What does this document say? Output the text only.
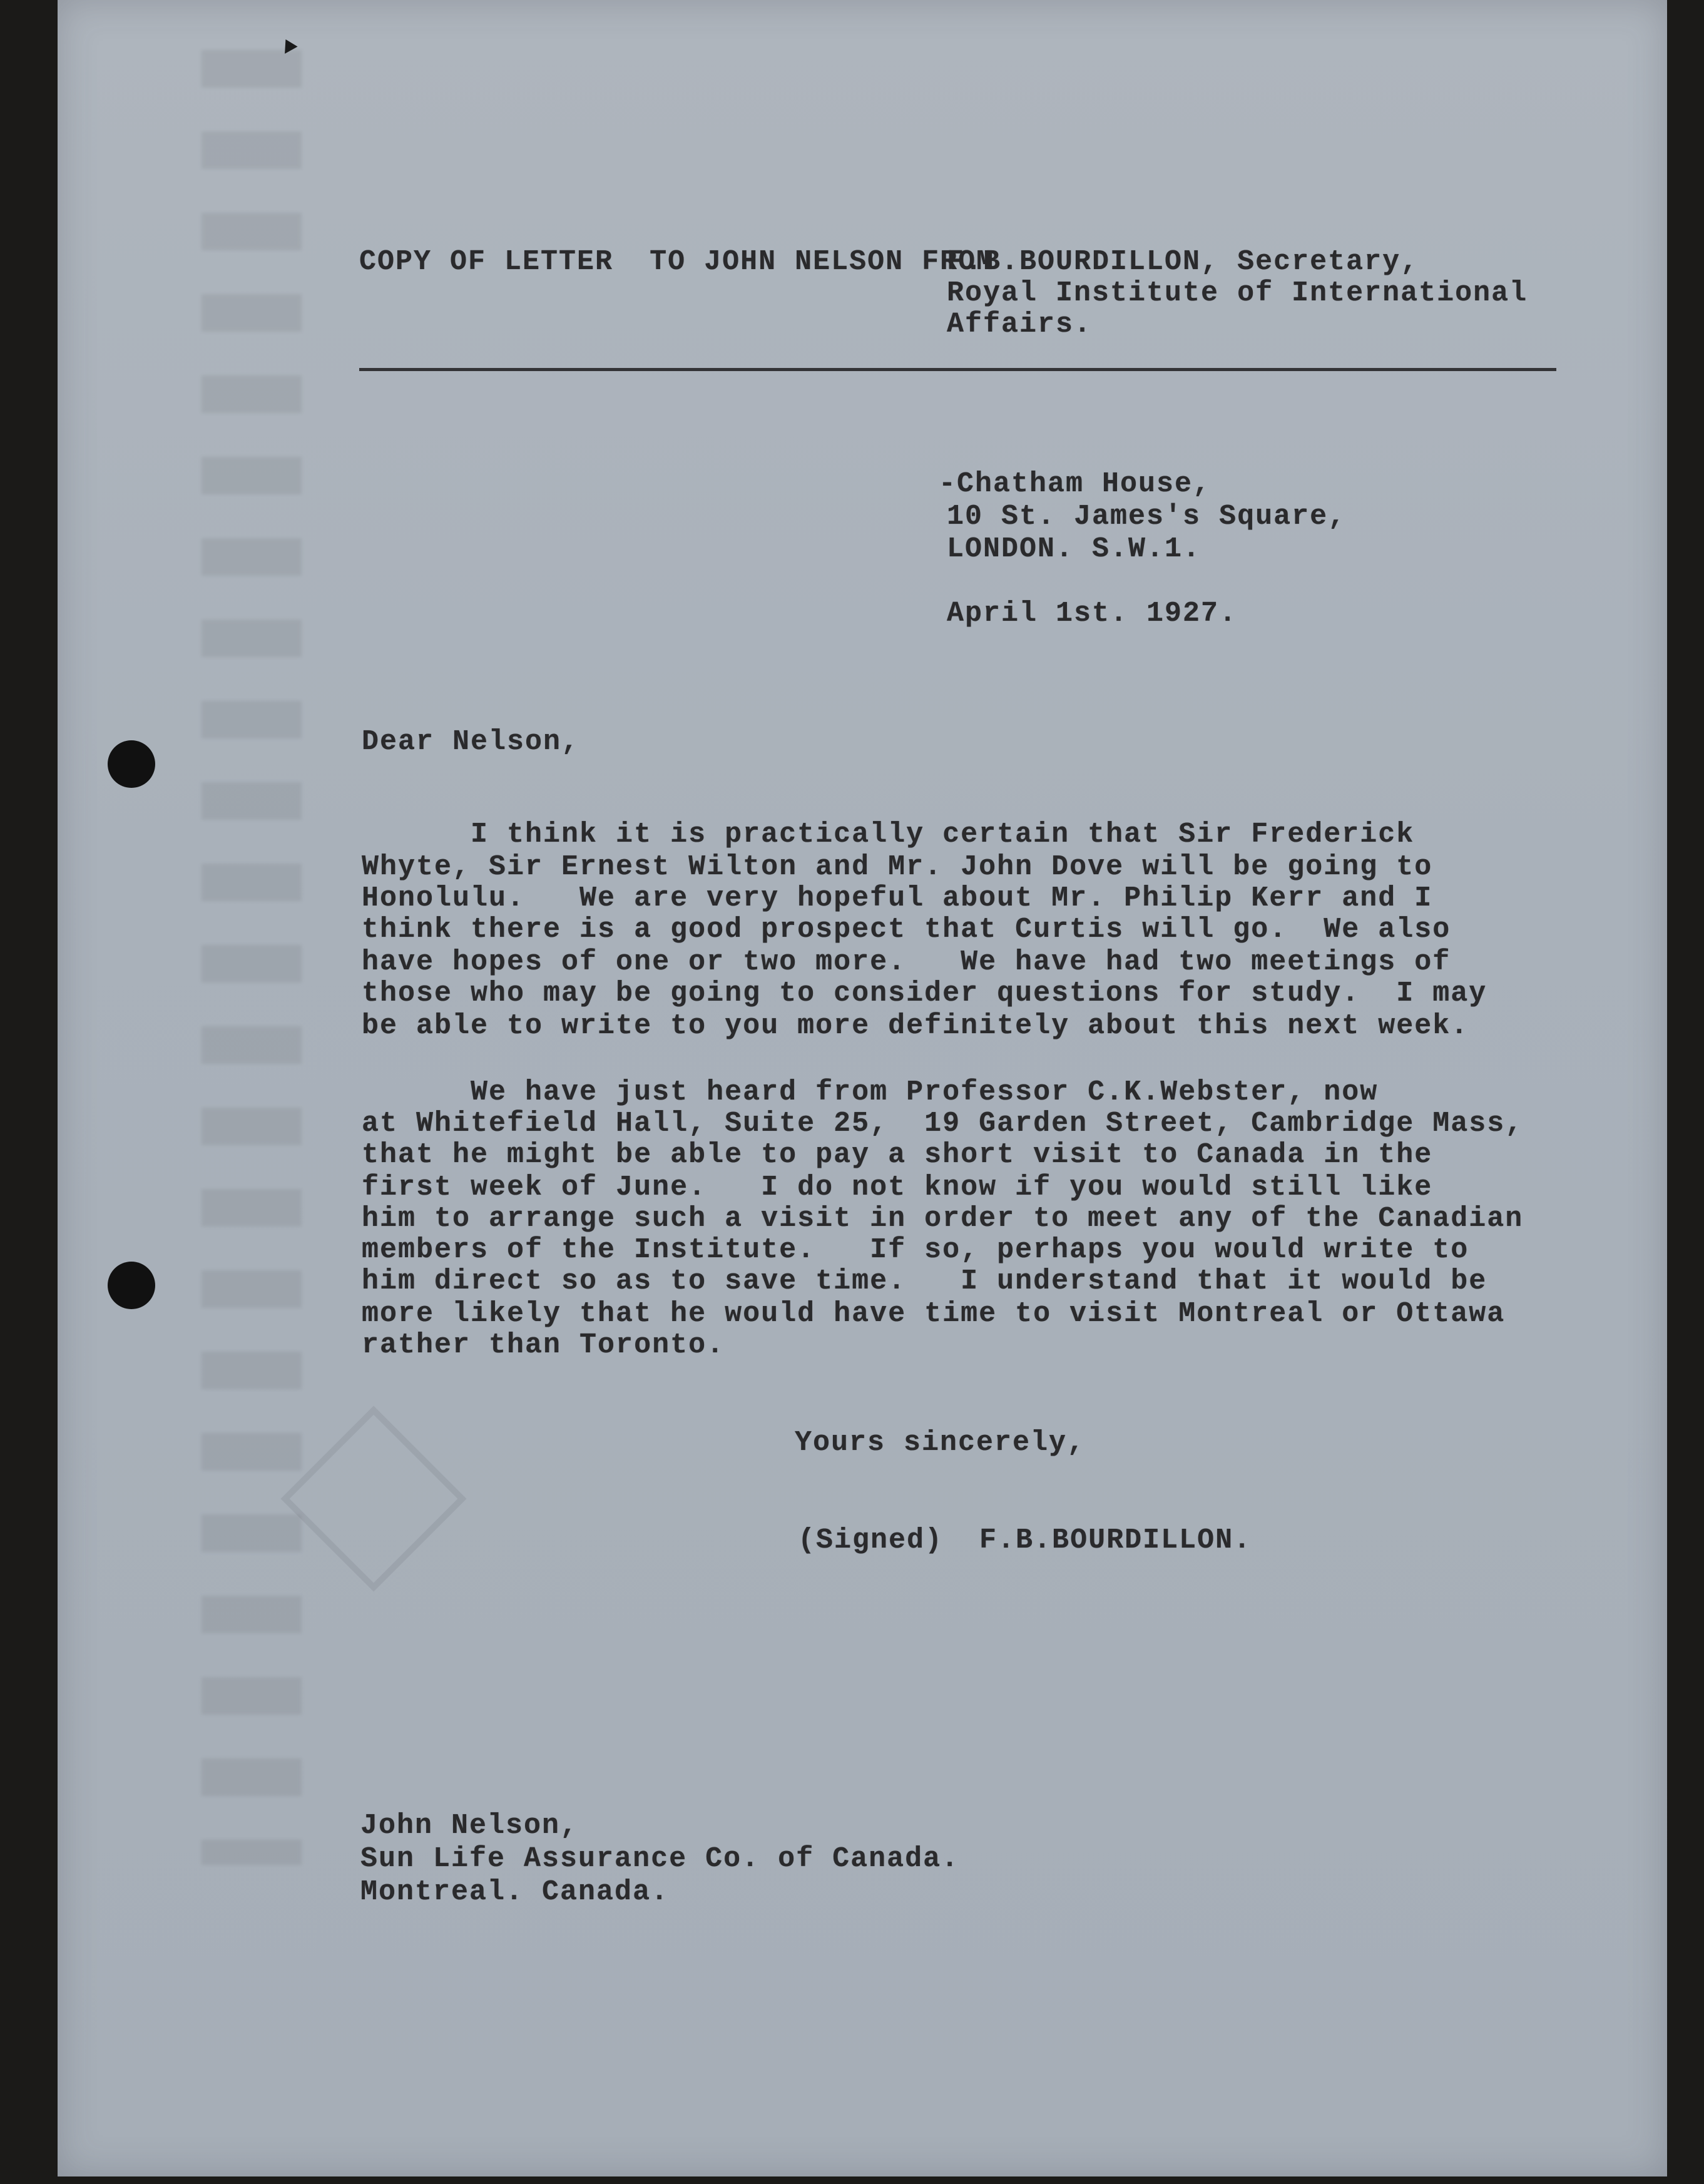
COPY OF LETTER  TO JOHN NELSON FROM

F.B.BOURDILLON, Secretary,

Royal Institute of International

Affairs.

-Chatham House,

10 St. James's Square,

LONDON. S.W.1.

April 1st. 1927.

Dear Nelson,

I think it is practically certain that Sir Frederick

Whyte, Sir Ernest Wilton and Mr. John Dove will be going to

Honolulu.   We are very hopeful about Mr. Philip Kerr and I

think there is a good prospect that Curtis will go.  We also

have hopes of one or two more.   We have had two meetings of

those who may be going to consider questions for study.  I may

be able to write to you more definitely about this next week.

We have just heard from Professor C.K.Webster, now

at Whitefield Hall, Suite 25,  19 Garden Street, Cambridge Mass,

that he might be able to pay a short visit to Canada in the

first week of June.   I do not know if you would still like

him to arrange such a visit in order to meet any of the Canadian

members of the Institute.   If so, perhaps you would write to

him direct so as to save time.   I understand that it would be

more likely that he would have time to visit Montreal or Ottawa

rather than Toronto.

Yours sincerely,

(Signed)  F.B.BOURDILLON.

John Nelson,

Sun Life Assurance Co. of Canada.

Montreal. Canada.
